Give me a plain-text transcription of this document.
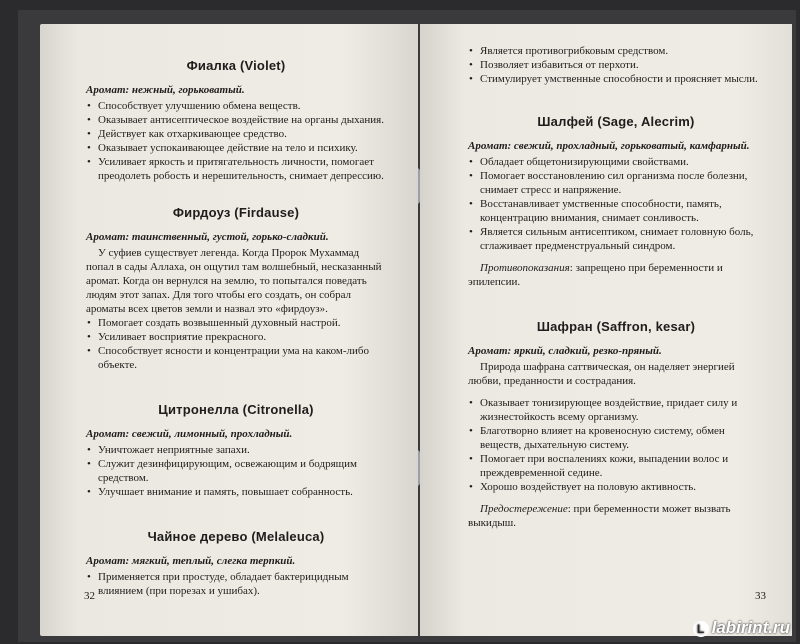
Фиалка (Violet)
Аромат: нежный, горьковатый.
• Способствует улучшению обмена веществ.
• Оказывает антисептическое воздействие на органы дыхания.
• Действует как отхаркивающее средство.
• Оказывает успокаивающее действие на тело и психику.
• Усиливает яркость и притягательность личности, помогает преодолеть робость и нерешительность, снимает депрессию.
Фирдоуз (Firdause)
Аромат: таинственный, густой, горько-сладкий.

У суфиев существует легенда. Когда Пророк Мухаммад попал в сады Аллаха, он ощутил там волшебный, несказанный аромат. Когда он вернулся на землю, то попытался поведать людям этот запах. Для того чтобы его создать, он собрал ароматы всех цветов земли и назвал это «фирдоуз».

• Помогает создать возвышенный духовный настрой.
• Усиливает восприятие прекрасного.
• Способствует ясности и концентрации ума на каком-либо объекте.
Цитронелла (Citronella)
Аромат: свежий, лимонный, прохладный.
• Уничтожает неприятные запахи.
• Служит дезинфицирующим, освежающим и бодрящим средством.
• Улучшает внимание и память, повышает собранность.
Чайное дерево (Melaleuca)
Аромат: мягкий, теплый, слегка терпкий.
• Применяется при простуде, обладает бактерицидным влиянием (при порезах и ушибах).
32
• Является противогрибковым средством.
• Позволяет избавиться от перхоти.
• Стимулирует умственные способности и проясняет мысли.
Шалфей (Sage, Alecrim)
Аромат: свежий, прохладный, горьковатый, камфарный.
• Обладает общетонизирующими свойствами.
• Помогает восстановлению сил организма после болезни, снимает стресс и напряжение.
• Восстанавливает умственные способности, память, концентрацию внимания, снимает сонливость.
• Является сильным антисептиком, снимает головную боль, сглаживает предменструальный синдром.

Противопоказания: запрещено при беременности и эпилепсии.

Шафран (Saffron, kesar)
Аромат: яркий, сладкий, резко-пряный.

Природа шафрана саттвическая, он наделяет энергией любви, преданности и сострадания.

• Оказывает тонизирующее воздействие, придает силу и жизнестойкость всему организму.
• Благотворно влияет на кровеносную систему, обмен веществ, дыхательную систему.
• Помогает при воспалениях кожи, выпадении волос и преждевременной седине.
• Хорошо воздействует на половую активность.

Предостережение: при беременности может вызвать выкидыш.

33
L labirint.ru
